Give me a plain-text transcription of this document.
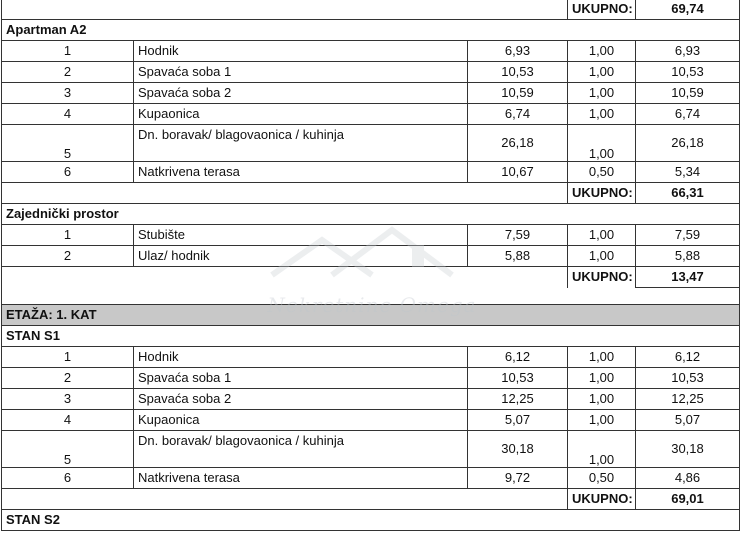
			UKUPNO:	69,74
Apartman A2				
1	Hodnik	6,93	1,00	6,93
2	Spavaća soba 1	10,53	1,00	10,53
3	Spavaća soba 2	10,59	1,00	10,59
4	Kupaonica	6,74	1,00	6,74
5	Dn. boravak/ blagovaonica / kuhinja	26,18	1,00	26,18
6	Natkrivena terasa	10,67	0,50	5,34
			UKUPNO:	66,31
Zajednički prostor				
1	Stubište	7,59	1,00	7,59
2	Ulaz/ hodnik	5,88	1,00	5,88
			UKUPNO:	13,47

ETAŽA: 1. KAT				
STAN S1				
1	Hodnik	6,12	1,00	6,12
2	Spavaća soba 1	10,53	1,00	10,53
3	Spavaća soba 2	12,25	1,00	12,25
4	Kupaonica	5,07	1,00	5,07
5	Dn. boravak/ blagovaonica / kuhinja	30,18	1,00	30,18
6	Natkrivena terasa	9,72	0,50	4,86
			UKUPNO:	69,01
STAN S2				
Nekretnine Omega
